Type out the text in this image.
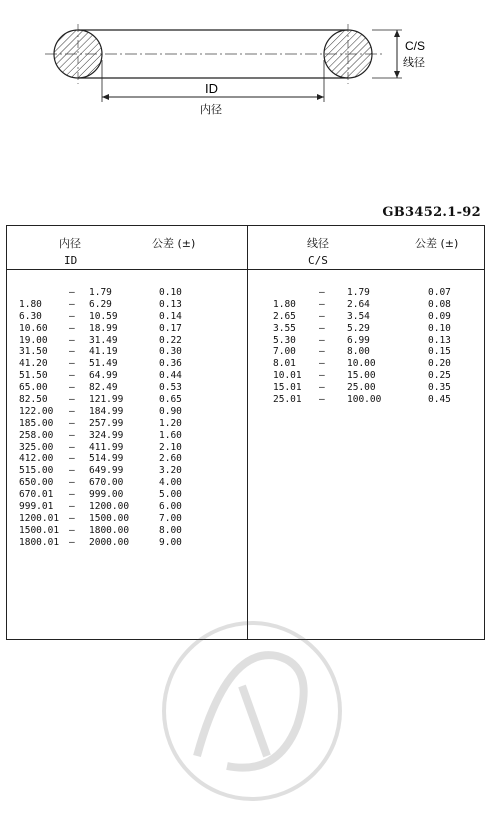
C/S
线径
ID
内径
GB3452.1-92
内径	公差 (±)
ID
线径	公差 (±)
C/S
— 1.79	0.10
1.80	— 6.29	0.13
6.30	— 10.59	0.14
10.60 — 18.99	0.17
19.00 — 31.49	0.22
31.50 — 41.19	0.30
41.20 — 51.49	0.36
51.50 — 64.99	0.44
65.00 — 82.49	0.53
82.50 — 121.99	0.65
122.00 — 184.99	0.90
185.00 — 257.99	1.20
258.00 — 324.99	1.60
325.00 — 411.99	2.10
412.00 — 514.99	2.60
515.00 — 649.99	3.20
650.00 — 670.00	4.00
670.01 — 999.00	5.00
999.01 — 1200.00	6.00
1200.01 — 1500.00	7.00
1500.01 — 1800.00	8.00
1800.01 — 2000.00	9.00
— 1.79	0.07
1.80 — 2.64	0.08
2.65 — 3.54	0.09
3.55 — 5.29	0.10
5.30 — 6.99	0.13
7.00 — 8.00	0.15
8.01 — 10.00	0.20
10.01 — 15.00	0.25
15.01 — 25.00	0.35
25.01 — 100.00	0.45
